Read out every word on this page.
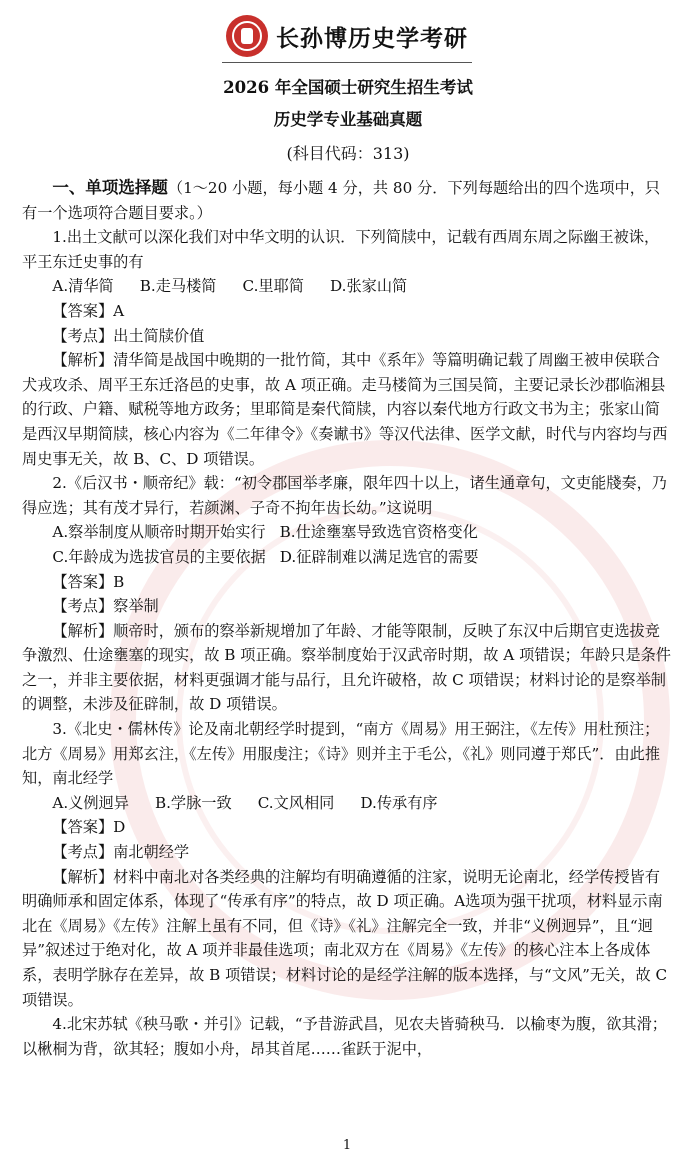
长孙博历史学考研
2026 年全国硕士研究生招生考试
历史学专业基础真题
(科目代码：313)

一、单项选择题（1～20 小题，每小题 4 分，共 80 分．下列每题给出的四个选项中，只有一个选项符合题目要求。）

1.出土文献可以深化我们对中华文明的认识．下列简牍中，记载有西周东周之际幽王被诛，平王东迁史事的有

A.清华简 B.走马楼简 C.里耶简 D.张家山简

【答案】A

【考点】出土简牍价值

【解析】清华简是战国中晚期的一批竹简，其中《系年》等篇明确记载了周幽王被申侯联合犬戎攻杀、周平王东迁洛邑的史事，故 A 项正确。走马楼简为三国吴简，主要记录长沙郡临湘县的行政、户籍、赋税等地方政务；里耶简是秦代简牍，内容以秦代地方行政文书为主；张家山简是西汉早期简牍，核心内容为《二年律令》《奏谳书》等汉代法律、医学文献，时代与内容均与西周史事无关，故 B、C、D 项错误。

2.《后汉书・顺帝纪》载：“初令郡国举孝廉，限年四十以上，诸生通章句，文吏能牋奏，乃得应选；其有茂才异行，若颜渊、子奇不拘年齿长幼。”这说明

A.察举制度从顺帝时期开始实行 B.仕途壅塞导致选官资格变化

C.年龄成为选拔官员的主要依据 D.征辟制难以满足选官的需要

【答案】B

【考点】察举制

【解析】顺帝时，颁布的察举新规增加了年龄、才能等限制，反映了东汉中后期官吏选拔竞争激烈、仕途壅塞的现实，故 B 项正确。察举制度始于汉武帝时期，故 A 项错误；年龄只是条件之一，并非主要依据，材料更强调才能与品行，且允许破格，故 C 项错误；材料讨论的是察举制的调整，未涉及征辟制，故 D 项错误。

3.《北史・儒林传》论及南北朝经学时提到，“南方《周易》用王弼注，《左传》用杜预注；北方《周易》用郑玄注，《左传》用服虔注；《诗》则并主于毛公，《礼》则同遵于郑氏”．由此推知，南北经学

A.义例迥异 B.学脉一致 C.文风相同 D.传承有序

【答案】D

【考点】南北朝经学

【解析】材料中南北对各类经典的注解均有明确遵循的注家，说明无论南北，经学传授皆有明确师承和固定体系，体现了“传承有序”的特点，故 D 项正确。A选项为强干扰项，材料显示南北在《周易》《左传》注解上虽有不同，但《诗》《礼》注解完全一致，并非“义例迥异”，且“迥异”叙述过于绝对化，故 A 项并非最佳选项；南北双方在《周易》《左传》的核心注本上各成体系，表明学脉存在差异，故 B 项错误；材料讨论的是经学注解的版本选择，与“文风”无关，故 C 项错误。

4.北宋苏轼《秧马歌・并引》记载，“予昔游武昌，见农夫皆骑秧马．以榆枣为腹，欲其滑；以楸桐为背，欲其轻；腹如小舟，昂其首尾……雀跃于泥中，

1
